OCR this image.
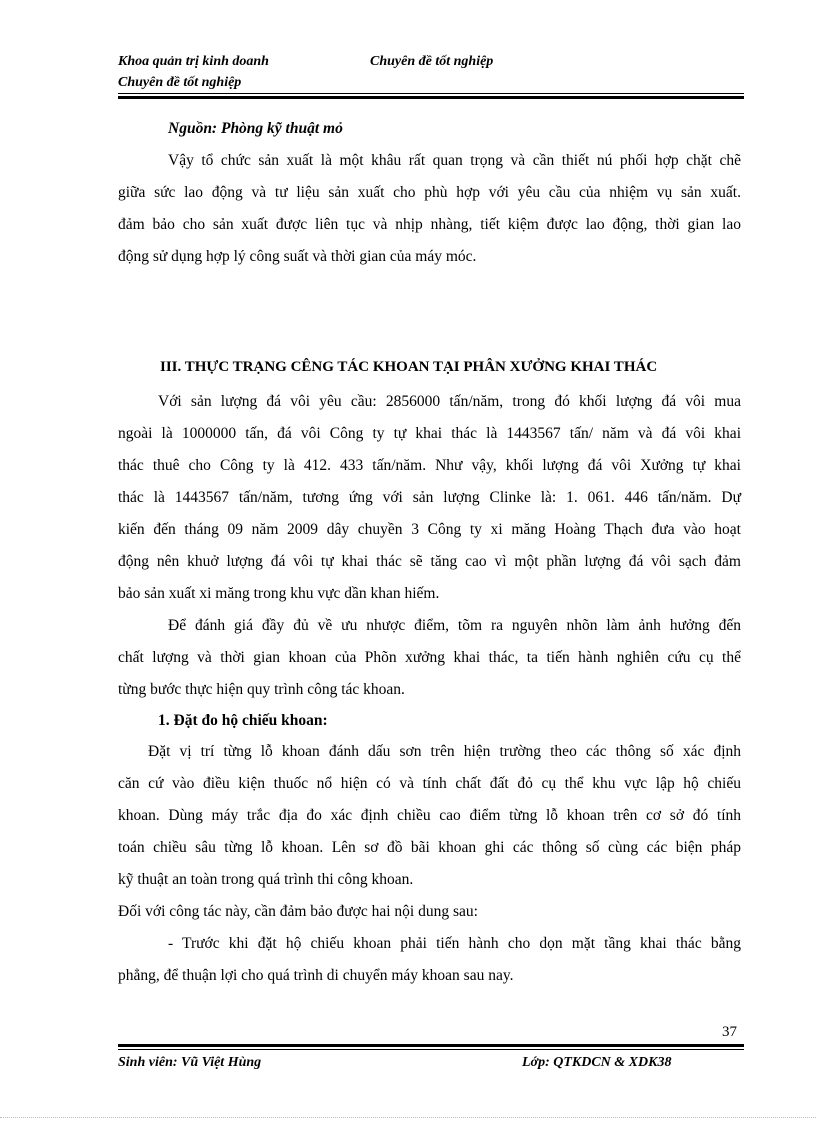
Khoa quản trị kinh doanh	Chuyên đề tốt nghiệp
Chuyên đề tốt nghiệp
Nguồn: Phòng kỹ thuật mỏ
Vậy tổ chức sản xuất là một khâu rất quan trọng và cần thiết nú phối hợp chặt chẽ
giữa sức lao động và tư liệu sản xuất cho phù hợp với yêu cầu của nhiệm vụ sản xuất.
đảm bảo cho sản xuất được liên tục và nhịp nhàng, tiết kiệm được lao động, thời gian lao
động sử dụng hợp lý công suất và thời gian của máy móc.
III. THỰC TRẠNG CÊNG TÁC KHOAN TẠI PHÂN XƯỞNG KHAI THÁC
Với sản lượng đá vôi yêu cầu: 2856000 tấn/năm, trong đó khối lượng đá vôi mua
ngoài là 1000000 tấn, đá vôi Công ty tự khai thác là 1443567 tấn/ năm và đá vôi khai
thác thuê cho Công ty là 412. 433 tấn/năm. Như vậy, khối lượng đá vôi Xưởng tự khai
thác là 1443567 tấn/năm, tương ứng với sản lượng Clinke là: 1. 061. 446 tấn/năm. Dự
kiến đến tháng 09 năm 2009 dây chuyền 3 Công ty xi măng Hoàng Thạch đưa vào hoạt
động nên khuở lượng đá vôi tự khai thác sẽ tăng cao vì một phần lượng đá vôi sạch đảm
bảo sản xuất xi măng trong khu vực dần khan hiếm.
Để đánh giá đầy đủ về ưu nhược điểm, tõm ra nguyên nhõn làm ảnh hưởng đến
chất lượng và thời gian khoan của Phõn xưởng khai thác, ta tiến hành nghiên cứu cụ thể
từng bước thực hiện quy trình công tác khoan.
1. Đặt đo hộ chiếu khoan:
Đặt vị trí từng lỗ khoan đánh dấu sơn trên hiện trường theo các thông số xác định
căn cứ vào điều kiện thuốc nổ hiện có và tính chất đất đỏ cụ thể khu vực lập hộ chiếu
khoan. Dùng máy trắc địa đo xác định chiều cao điểm từng lỗ khoan trên cơ sở đó tính
toán chiều sâu từng lỗ khoan. Lên sơ đồ bãi khoan ghi các thông số cùng các biện pháp
kỹ thuật an toàn trong quá trình thi công khoan.
Đối với công tác này, cần đảm bảo được hai nội dung sau:
- Trước khi đặt hộ chiếu khoan phải tiến hành cho dọn mặt tầng khai thác bằng
phẳng, để thuận lợi cho quá trình di chuyển máy khoan sau nay.
37
Sinh viên: Vũ Việt Hùng	Lớp: QTKDCN & XDK38
